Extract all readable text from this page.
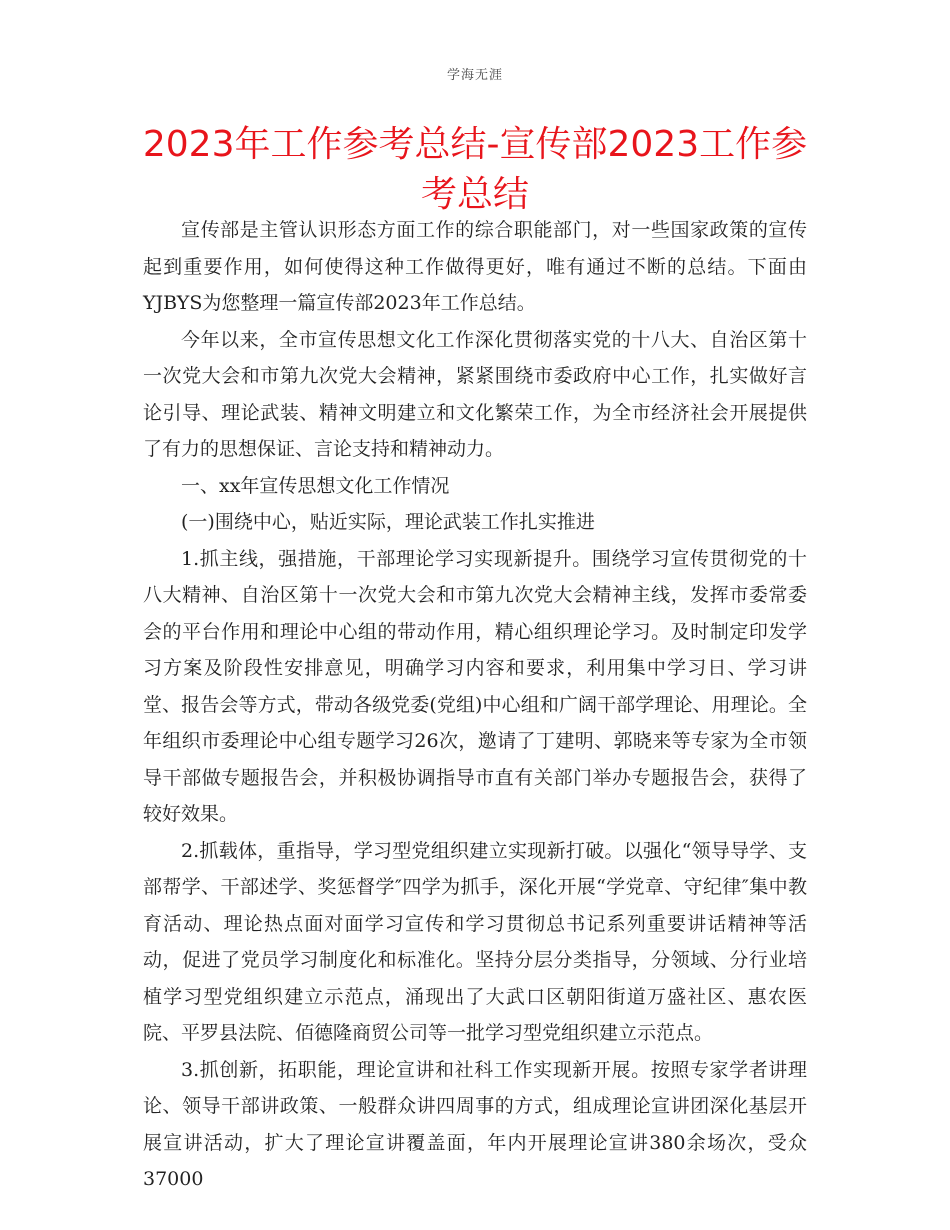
学海无涯
2023年工作参考总结-宣传部2023工作参考总结

宣传部是主管认识形态方面工作的综合职能部门，对一些国家政策的宣传起到重要作用，如何使得这种工作做得更好，唯有通过不断的总结。下面由YJBYS为您整理一篇宣传部2023年工作总结。

今年以来，全市宣传思想文化工作深化贯彻落实党的十八大、自治区第十一次党大会和市第九次党大会精神，紧紧围绕市委政府中心工作，扎实做好言论引导、理论武装、精神文明建立和文化繁荣工作，为全市经济社会开展提供了有力的思想保证、言论支持和精神动力。

一、xx年宣传思想文化工作情况

(一)围绕中心，贴近实际，理论武装工作扎实推进

1.抓主线，强措施，干部理论学习实现新提升。围绕学习宣传贯彻党的十八大精神、自治区第十一次党大会和市第九次党大会精神主线，发挥市委常委会的平台作用和理论中心组的带动作用，精心组织理论学习。及时制定印发学习方案及阶段性安排意见，明确学习内容和要求，利用集中学习日、学习讲堂、报告会等方式，带动各级党委(党组)中心组和广阔干部学理论、用理论。全年组织市委理论中心组专题学习26次，邀请了丁建明、郭晓来等专家为全市领导干部做专题报告会，并积极协调指导市直有关部门举办专题报告会，获得了较好效果。

2.抓载体，重指导，学习型党组织建立实现新打破。以强化“领导导学、支部帮学、干部述学、奖惩督学″四学为抓手，深化开展“学党章、守纪律″集中教育活动、理论热点面对面学习宣传和学习贯彻总书记系列重要讲话精神等活动，促进了党员学习制度化和标准化。坚持分层分类指导，分领域、分行业培植学习型党组织建立示范点，涌现出了大武口区朝阳街道万盛社区、惠农医院、平罗县法院、佰德隆商贸公司等一批学习型党组织建立示范点。

3.抓创新，拓职能，理论宣讲和社科工作实现新开展。按照专家学者讲理论、领导干部讲政策、一般群众讲四周事的方式，组成理论宣讲团深化基层开展宣讲活动，扩大了理论宣讲覆盖面，年内开展理论宣讲380余场次，受众37000
